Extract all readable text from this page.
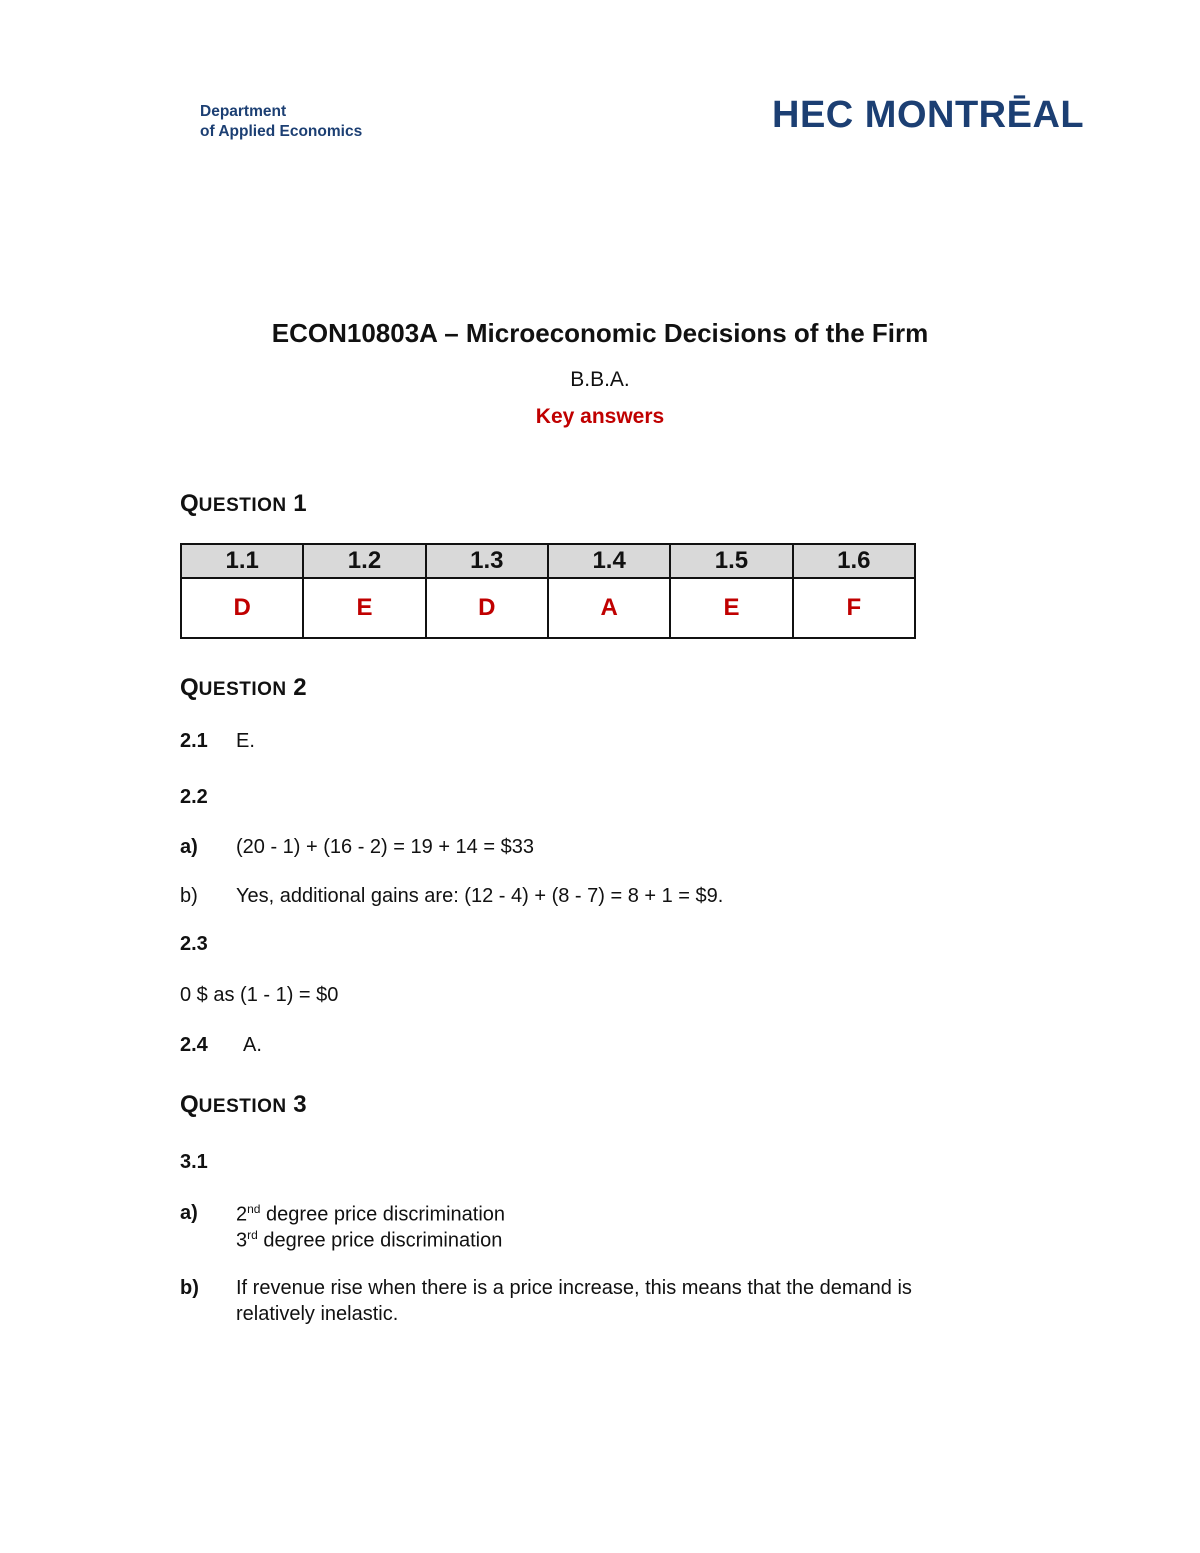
Department
of Applied Economics	HEC MONTRĒAL
ECON10803A – Microeconomic Decisions of the Firm
B.B.A.
Key answers
QUESTION 1
1.1	1.2	1.3	1.4	1.5	1.6
D	E	D	A	E	F
QUESTION 2
2.1 E.
2.2
a) (20 - 1) + (16 - 2) = 19 + 14 = $33
b) Yes, additional gains are: (12 - 4) + (8 - 7) = 8 + 1 = $9.
2.3
0 $ as (1 - 1) = $0
2.4 A.
QUESTION 3
3.1
a) 2nd degree price discrimination
3rd degree price discrimination
b) If revenue rise when there is a price increase, this means that the demand is
relatively inelastic.
